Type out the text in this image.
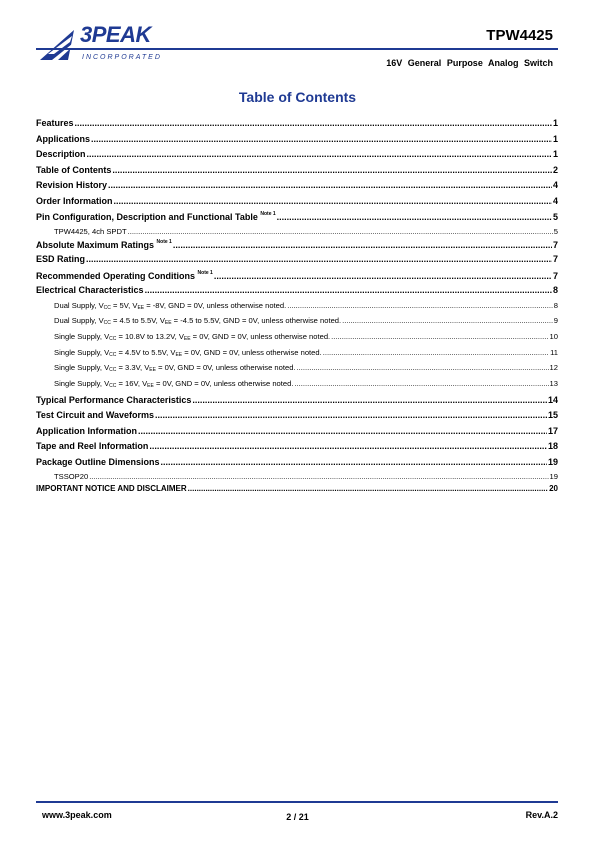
3PEAK
INCORPORATED
TPW4425
16V General Purpose Analog Switch
Table of Contents
Features .....	1
Applications .....	1
Description .....	1
Table of Contents .....	2
Revision History .....	4
Order Information .....	4
Pin Configuration, Description and Functional Table $^{Note 1}$ .....	5
TPW4425, 4ch SPDT .....	5
Absolute Maximum Ratings $^{Note 1}$ .....	7
ESD Rating .....	7
Recommended Operating Conditions $^{Note 1}$ .....	7
Electrical Characteristics .....	8
Dual Supply, $V_{CC} = 5V$, $V_{EE} = -8V$, GND = 0V, unless otherwise noted. .....	8
Dual Supply, $V_{CC} = 4.5$ to 5.5V, $V_{EE} = -4.5$ to 5.5V, GND = 0V, unless otherwise noted. .....	9
Single Supply, $V_{CC} = 10.8V$ to 13.2V, $V_{EE} = 0V$, GND = 0V, unless otherwise noted. .....	10
Single Supply, $V_{CC} = 4.5V$ to 5.5V, $V_{EE} = 0V$, GND = 0V, unless otherwise noted. .....	11
Single Supply, $V_{CC} = 3.3V$, $V_{EE} = 0V$, GND = 0V, unless otherwise noted. .....	12
Single Supply, $V_{CC} = 16V$, $V_{EE} = 0V$, GND = 0V, unless otherwise noted. .....	13
Typical Performance Characteristics .....	14
Test Circuit and Waveforms .....	15
Application Information .....	17
Tape and Reel Information .....	18
Package Outline Dimensions .....	19
TSSOP20 .....	19
IMPORTANT NOTICE AND DISCLAIMER .....	20
www.3peak.com	2 / 21	Rev.A.2
